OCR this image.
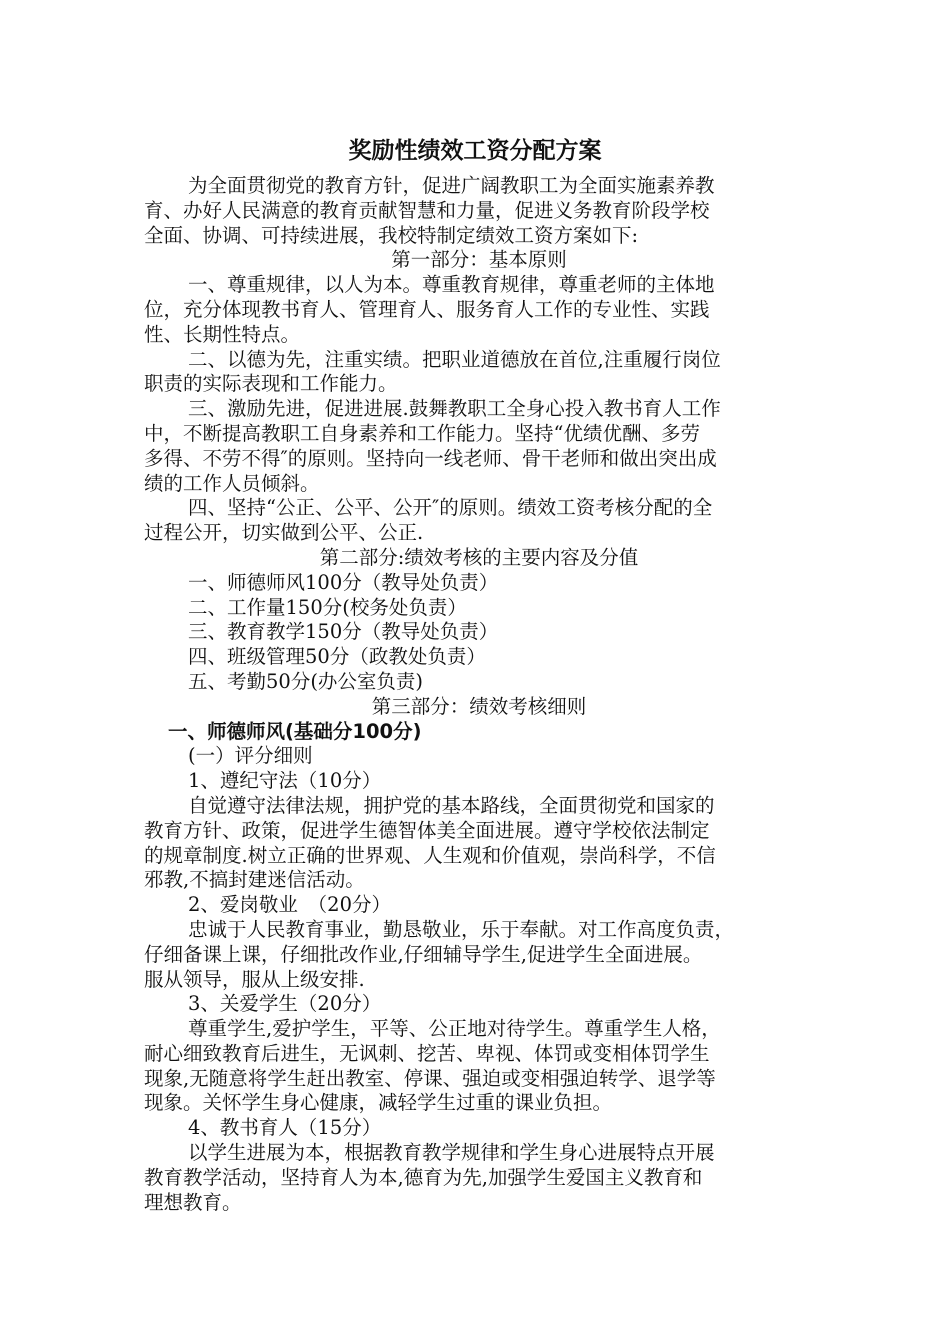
奖励性绩效工资分配方案

为全面贯彻党的教育方针，促进广阔教职工为全面实施素养教

育、办好人民满意的教育贡献智慧和力量，促进义务教育阶段学校

全面、协调、可持续进展，我校特制定绩效工资方案如下:

第一部分：基本原则

一、尊重规律，以人为本。尊重教育规律，尊重老师的主体地

位，充分体现教书育人、管理育人、服务育人工作的专业性、实践

性、长期性特点。

二、以德为先，注重实绩。把职业道德放在首位,注重履行岗位

职责的实际表现和工作能力。

三、激励先进，促进进展.鼓舞教职工全身心投入教书育人工作

中，不断提高教职工自身素养和工作能力。坚持“优绩优酬、多劳

多得、不劳不得″的原则。坚持向一线老师、骨干老师和做出突出成

绩的工作人员倾斜。

四、坚持“公正、公平、公开″的原则。绩效工资考核分配的全

过程公开，切实做到公平、公正.

第二部分:绩效考核的主要内容及分值

一、师德师风100分（教导处负责）

二、工作量150分(校务处负责）

三、教育教学150分（教导处负责）

四、班级管理50分（政教处负责）

五、考勤50分(办公室负责)

第三部分：绩效考核细则

一、师德师风(基础分100分)

(一）评分细则

1、遵纪守法（10分）

自觉遵守法律法规，拥护党的基本路线，全面贯彻党和国家的

教育方针、政策，促进学生德智体美全面进展。遵守学校依法制定

的规章制度.树立正确的世界观、人生观和价值观，崇尚科学，不信

邪教,不搞封建迷信活动。

2、爱岗敬业　（20分）

忠诚于人民教育事业，勤恳敬业，乐于奉献。对工作高度负责，

仔细备课上课，仔细批改作业,仔细辅导学生,促进学生全面进展。

服从领导，服从上级安排.

3、关爱学生（20分）

尊重学生,爱护学生，平等、公正地对待学生。尊重学生人格，

耐心细致教育后进生，无讽刺、挖苦、卑视、体罚或变相体罚学生

现象,无随意将学生赶出教室、停课、强迫或变相强迫转学、退学等

现象。关怀学生身心健康，减轻学生过重的课业负担。

4、教书育人（15分）

以学生进展为本，根据教育教学规律和学生身心进展特点开展

教育教学活动，坚持育人为本,德育为先,加强学生爱国主义教育和

理想教育。
